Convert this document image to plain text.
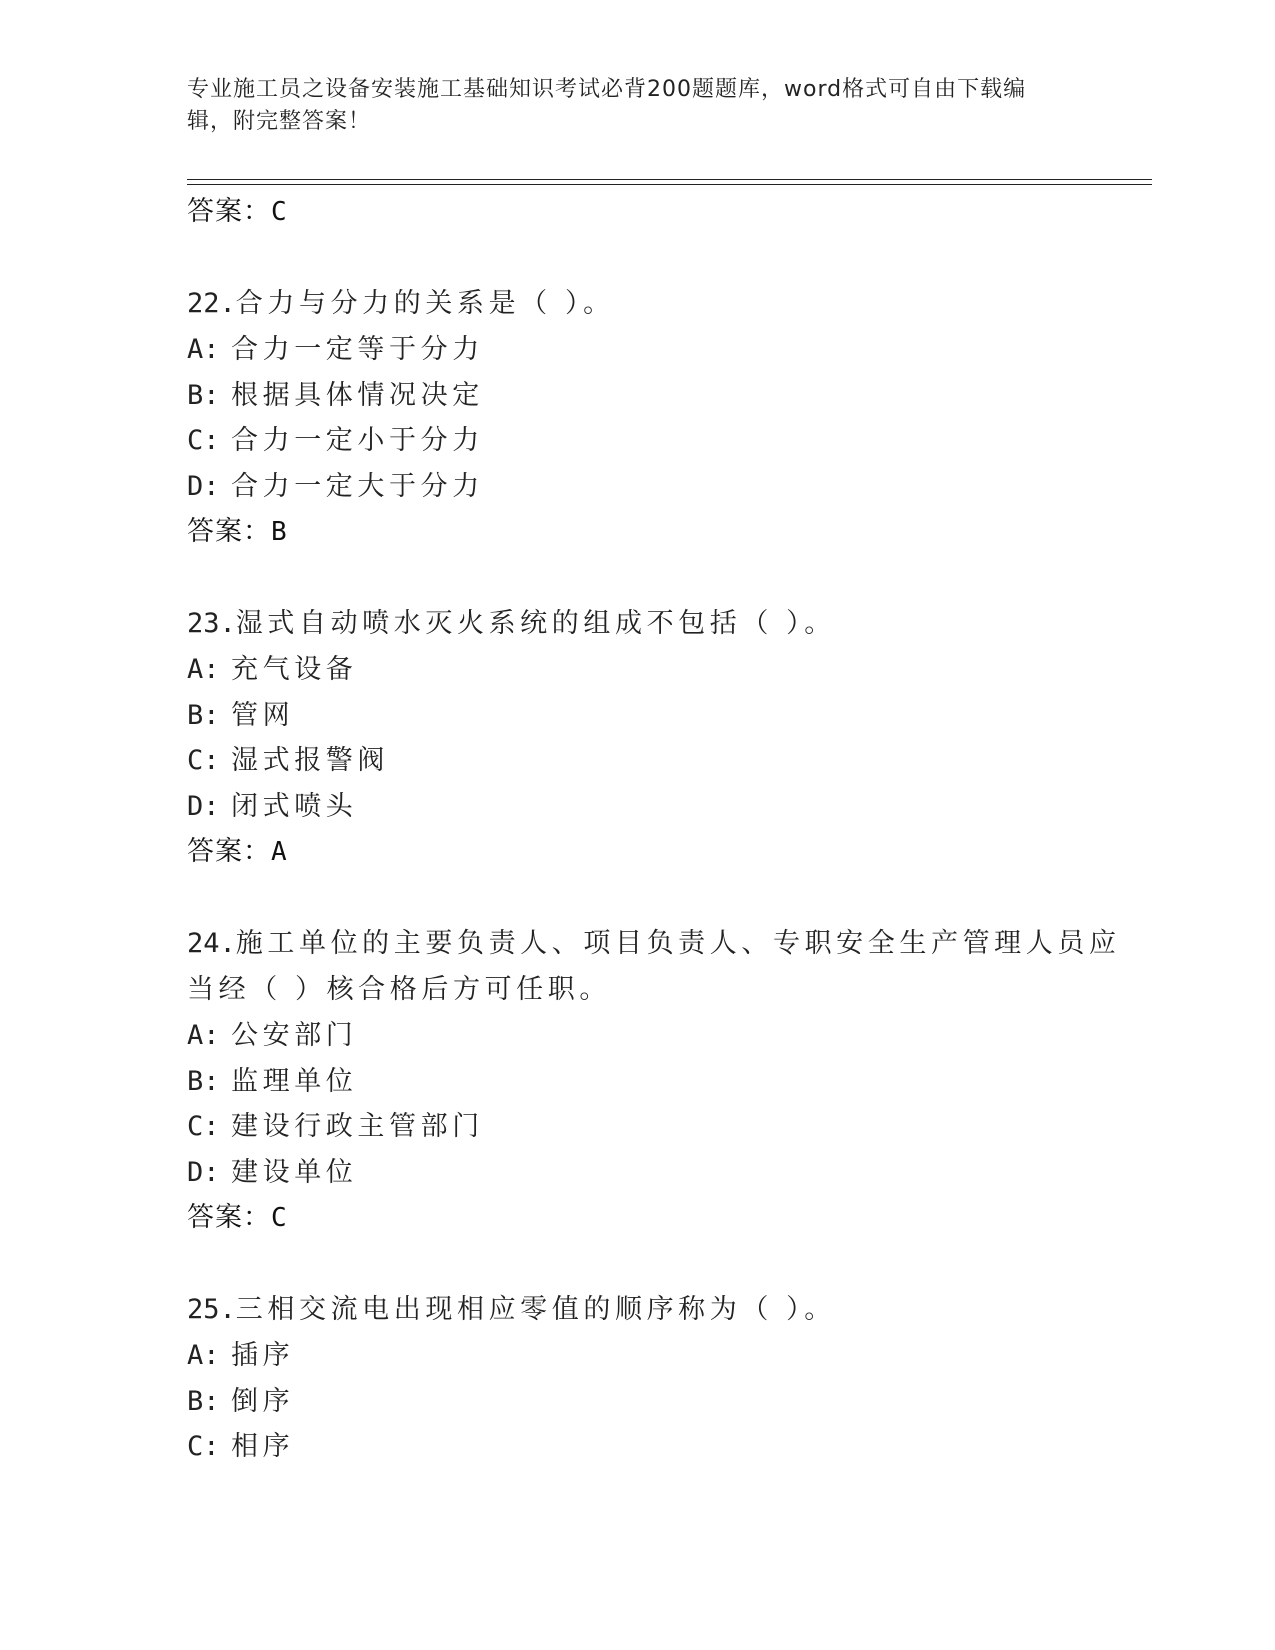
专业施工员之设备安装施工基础知识考试必背200题题库，word格式可自由下载编辑，附完整答案！
答案：C
22.合力与分力的关系是（ ）。
A: 合力一定等于分力
B: 根据具体情况决定
C: 合力一定小于分力
D: 合力一定大于分力
答案：B
23.湿式自动喷水灭火系统的组成不包括（ ）。
A: 充气设备
B: 管网
C: 湿式报警阀
D: 闭式喷头
答案：A
24.施工单位的主要负责人、项目负责人、专职安全生产管理人员应当经（ ）核合格后方可任职。
A: 公安部门
B: 监理单位
C: 建设行政主管部门
D: 建设单位
答案：C
25.三相交流电出现相应零值的顺序称为（ ）。
A: 插序
B: 倒序
C: 相序
